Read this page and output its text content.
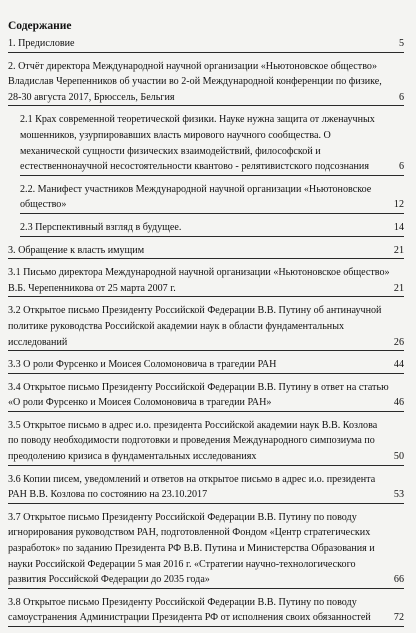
Содержание
1. Предисловие	5
2. Отчёт директора Международной научной организации «Ньютоновское общество» Владислав Черепенников об участии во 2-ой Международной конференции по физике, 28-30 августа 2017, Брюссель, Бельгия	6
2.1 Крах современной теоретической физики. Науке нужна защита от лженаучных мошенников, узурпировавших власть мирового научного сообщества. О механической сущности физических взаимодействий, философской и естественнонаучной несостоятельности квантово - релятивистского подсознания	6
2.2. Манифест участников Международной научной организации «Ньютоновское общество»	12
2.3 Перспективный взгляд в будущее.	14
3. Обращение к власть имущим	21
3.1 Письмо директора Международной научной организации «Ньютоновское общество» В.Б. Черепенникова от 25 марта 2007 г.	21
3.2 Открытое письмо Президенту Российской Федерации В.В. Путину об антинаучной политике руководства Российской академии наук в области фундаментальных исследований	26
3.3 О роли Фурсенко и Моисея Соломоновича в трагедии РАН	44
3.4 Открытое письмо Президенту Российской Федерации В.В. Путину в ответ на статью «О роли Фурсенко и Моисея Соломоновича в трагедии РАН»	46
3.5 Открытое письмо в адрес и.о. президента Российской академии наук В.В. Козлова по поводу необходимости подготовки и проведения Международного симпозиума по преодолению кризиса в фундаментальных исследованиях	50
3.6 Копии писем, уведомлений и ответов на открытое письмо в адрес и.о. президента РАН В.В. Козлова по состоянию на 23.10.2017	53
3.7 Открытое письмо Президенту Российской Федерации В.В. Путину по поводу игнорирования руководством РАН, подготовленной Фондом «Центр стратегических разработок» по заданию Президента РФ В.В. Путина и Министерства Образования и науки Российской Федерации 5 мая 2016 г. «Стратегии научно-технологического развития Российской Федерации до 2035 года»	66
3.8 Открытое письмо Президенту Российской Федерации В.В. Путину по поводу самоустранения Администрации Президента РФ от исполнения своих обязанностей	72
